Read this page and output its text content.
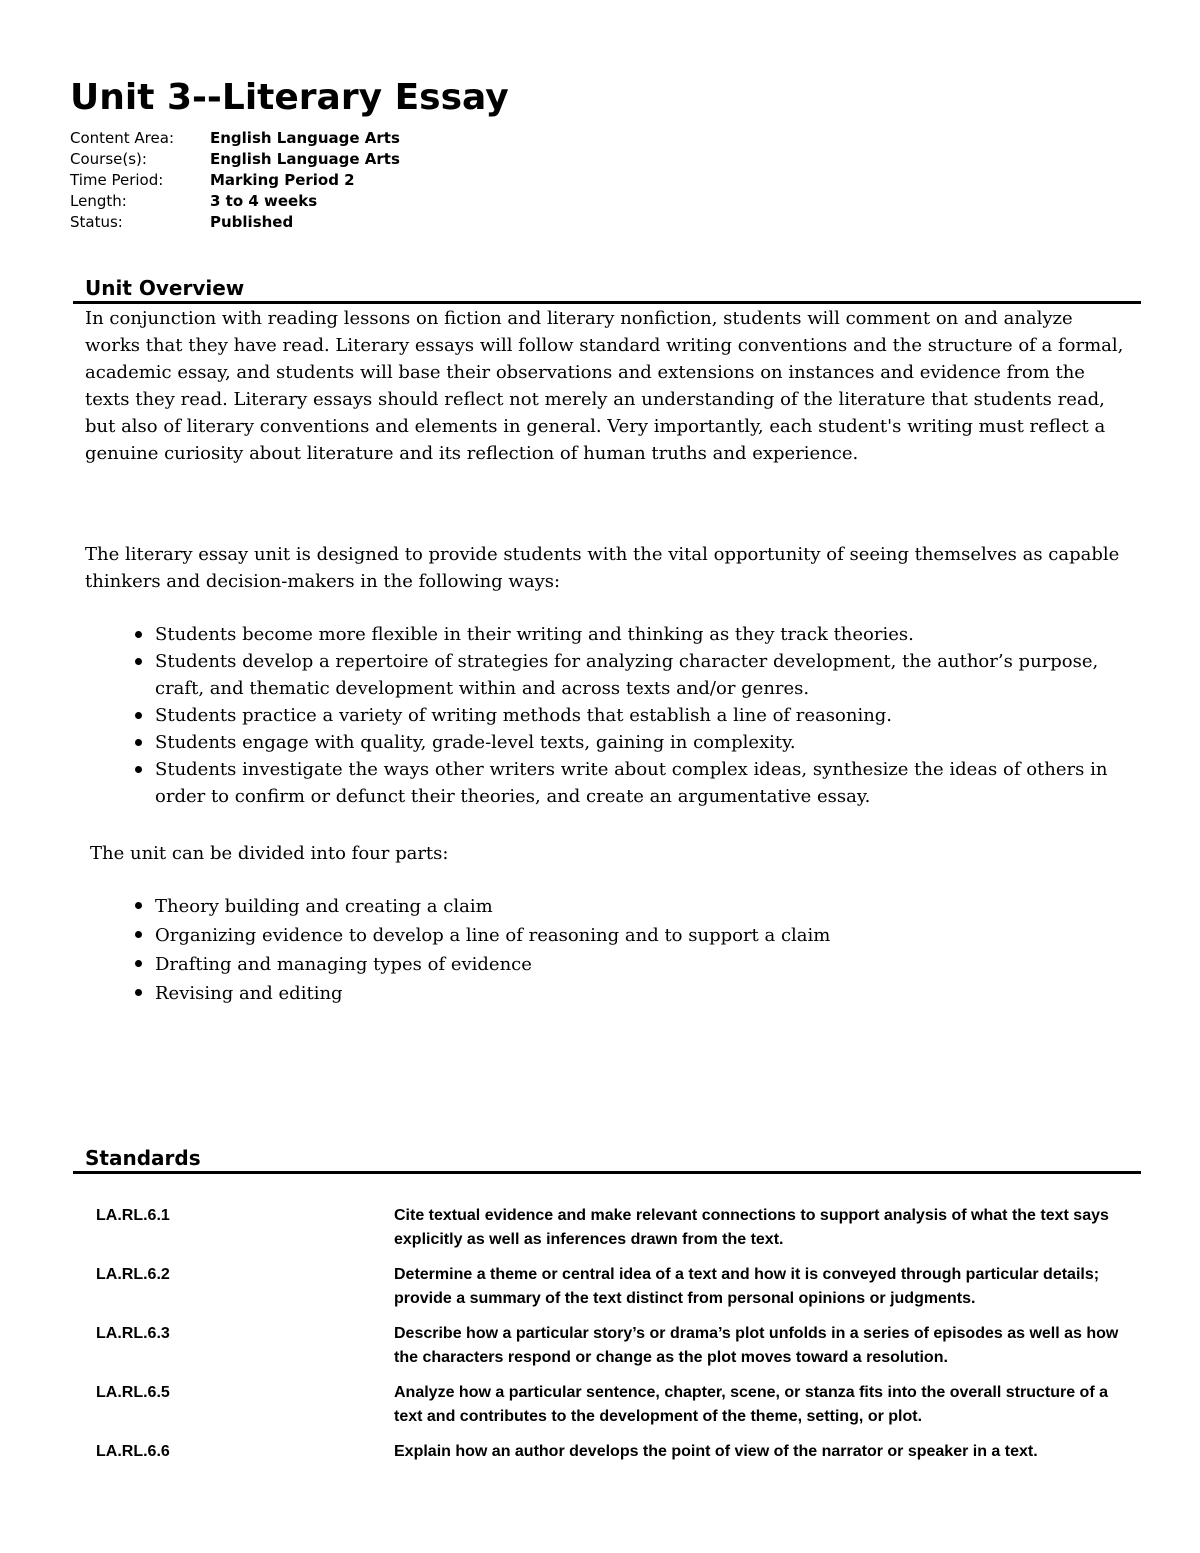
Unit 3--Literary Essay
Content Area:	English Language Arts
Course(s):	English Language Arts
Time Period:	Marking Period 2
Length:	3 to 4 weeks
Status:	Published
Unit Overview

In conjunction with reading lessons on fiction and literary nonfiction, students will comment on and analyze works that they have read. Literary essays will follow standard writing conventions and the structure of a formal, academic essay, and students will base their observations and extensions on instances and evidence from the texts they read. Literary essays should reflect not merely an understanding of the literature that students read, but also of literary conventions and elements in general. Very importantly, each student's writing must reflect a genuine curiosity about literature and its reflection of human truths and experience.

The literary essay unit is designed to provide students with the vital opportunity of seeing themselves as capable thinkers and decision-makers in the following ways:

Students become more flexible in their writing and thinking as they track theories.
Students develop a repertoire of strategies for analyzing character development, the author’s purpose, craft, and thematic development within and across texts and/or genres.
Students practice a variety of writing methods that establish a line of reasoning.
Students engage with quality, grade-level texts, gaining in complexity.
Students investigate the ways other writers write about complex ideas, synthesize the ideas of others in order to confirm or defunct their theories, and create an argumentative essay.

The unit can be divided into four parts:

Theory building and creating a claim
Organizing evidence to develop a line of reasoning and to support a claim
Drafting and managing types of evidence
Revising and editing
Standards
LA.RL.6.1	Cite textual evidence and make relevant connections to support analysis of what the text says explicitly as well as inferences drawn from the text.
LA.RL.6.2	Determine a theme or central idea of a text and how it is conveyed through particular details; provide a summary of the text distinct from personal opinions or judgments.
LA.RL.6.3	Describe how a particular story’s or drama’s plot unfolds in a series of episodes as well as how the characters respond or change as the plot moves toward a resolution.
LA.RL.6.5	Analyze how a particular sentence, chapter, scene, or stanza fits into the overall structure of a text and contributes to the development of the theme, setting, or plot.
LA.RL.6.6	Explain how an author develops the point of view of the narrator or speaker in a text.
